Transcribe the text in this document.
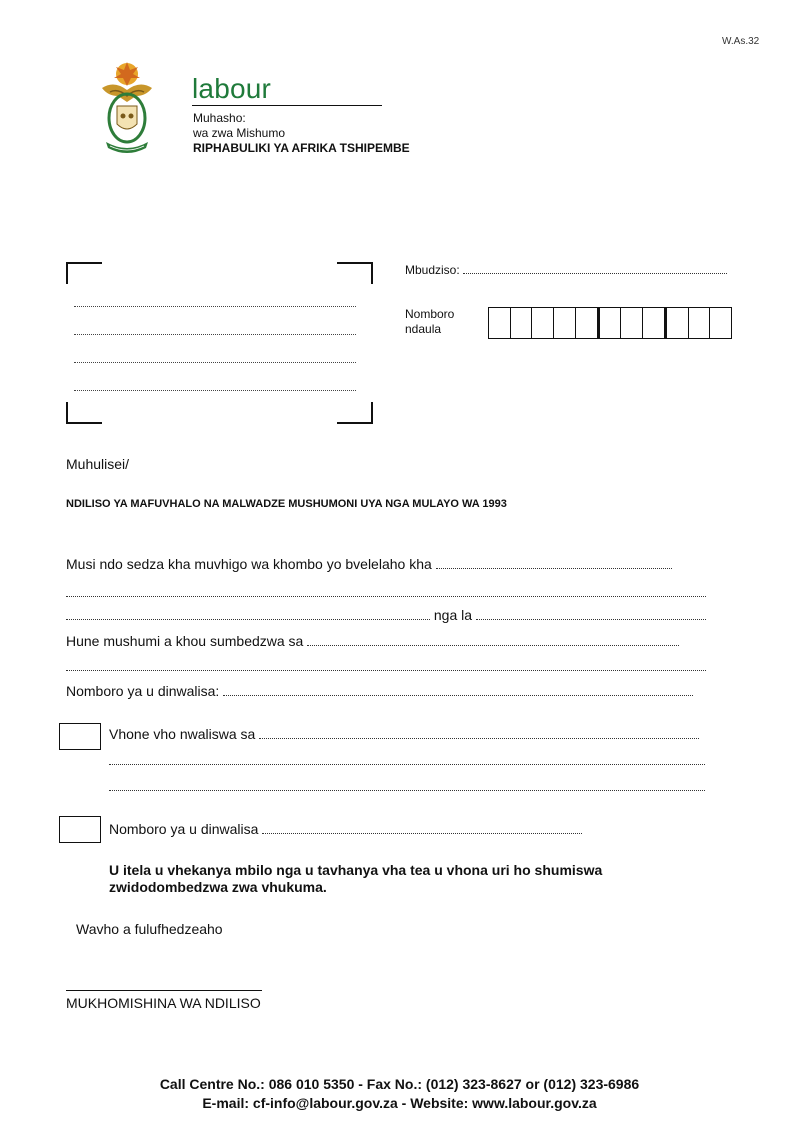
W.As.32
labour
Muhasho:
wa zwa Mishumo
RIPHABULIKI YA AFRIKA TSHIPEMBE
Mbudziso:
Nomboro
ndaula
Muhulisei/
NDILISO YA MAFUVHALO NA MALWADZE MUSHUMONI UYA NGA MULAYO WA 1993
Musi ndo sedza kha muvhigo wa khombo yo bvelelaho kha
nga la
Hune mushumi a khou sumbedzwa sa
Nomboro ya u dinwalisa:
Vhone vho nwaliswa sa
Nomboro ya u dinwalisa
U itela u vhekanya mbilo nga u tavhanya vha tea u vhona uri ho shumiswa zwidodombedzwa zwa vhukuma.
Wavho a fulufhedzeaho
MUKHOMISHINA WA NDILISO
Call Centre No.: 086 010 5350 - Fax No.: (012) 323-8627 or (012) 323-6986
E-mail: cf-info@labour.gov.za - Website: www.labour.gov.za
